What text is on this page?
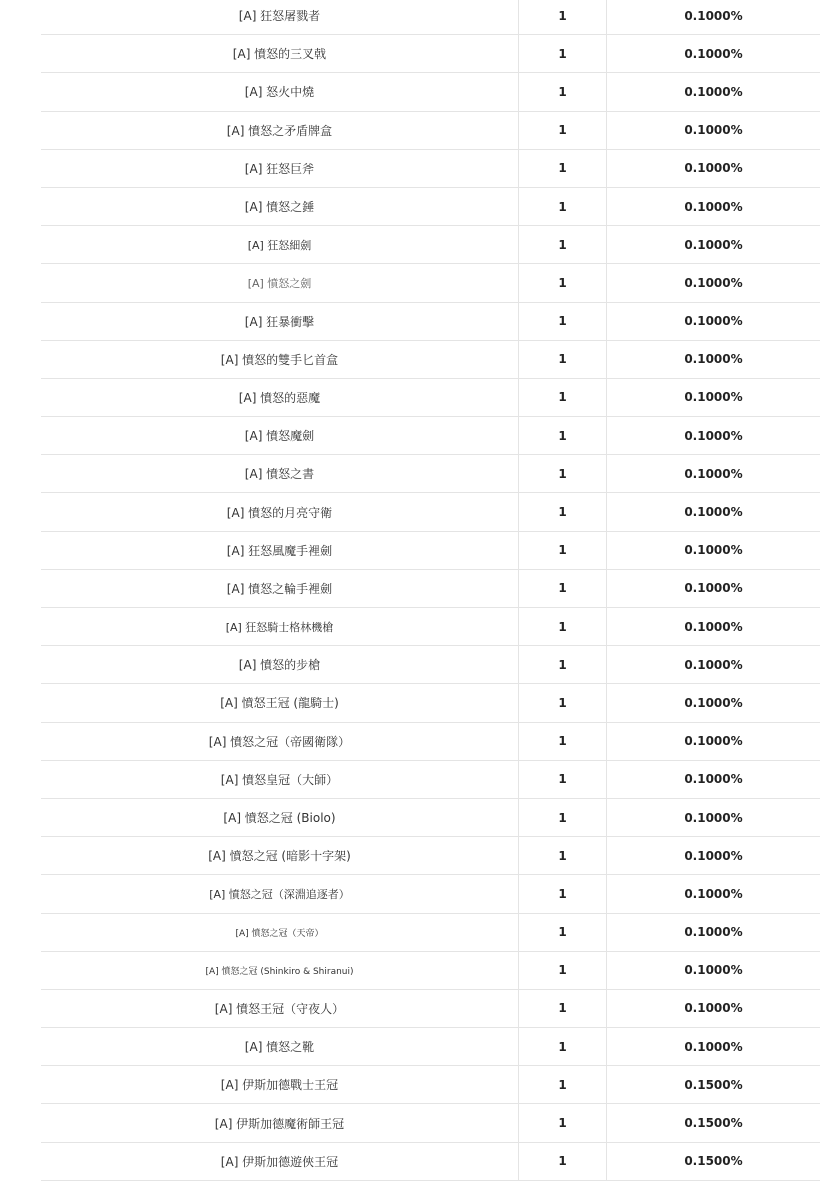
[A] 狂怒屠戮者	1	0.1000%
[A] 憤怒的三叉戟	1	0.1000%
[A] 怒火中燒	1	0.1000%
[A] 憤怒之矛盾牌盒	1	0.1000%
[A] 狂怒巨斧	1	0.1000%
[A] 憤怒之錘	1	0.1000%
[A] 狂怒細劍	1	0.1000%
[A] 憤怒之劍	1	0.1000%
[A] 狂暴衝擊	1	0.1000%
[A] 憤怒的雙手匕首盒	1	0.1000%
[A] 憤怒的惡魔	1	0.1000%
[A] 憤怒魔劍	1	0.1000%
[A] 憤怒之書	1	0.1000%
[A] 憤怒的月亮守衛	1	0.1000%
[A] 狂怒風魔手裡劍	1	0.1000%
[A] 憤怒之輪手裡劍	1	0.1000%
[A] 狂怒騎士格林機槍	1	0.1000%
[A] 憤怒的步槍	1	0.1000%
[A] 憤怒王冠 (龍騎士)	1	0.1000%
[A] 憤怒之冠（帝國衛隊）	1	0.1000%
[A] 憤怒皇冠（大師）	1	0.1000%
[A] 憤怒之冠 (Biolo)	1	0.1000%
[A] 憤怒之冠 (暗影十字架)	1	0.1000%
[A] 憤怒之冠（深淵追逐者）	1	0.1000%
[A] 憤怒之冠（天帝）	1	0.1000%
[A] 憤怒之冠 (Shinkiro & Shiranui)	1	0.1000%
[A] 憤怒王冠（守夜人）	1	0.1000%
[A] 憤怒之靴	1	0.1000%
[A] 伊斯加德戰士王冠	1	0.1500%
[A] 伊斯加德魔術師王冠	1	0.1500%
[A] 伊斯加德遊俠王冠	1	0.1500%
